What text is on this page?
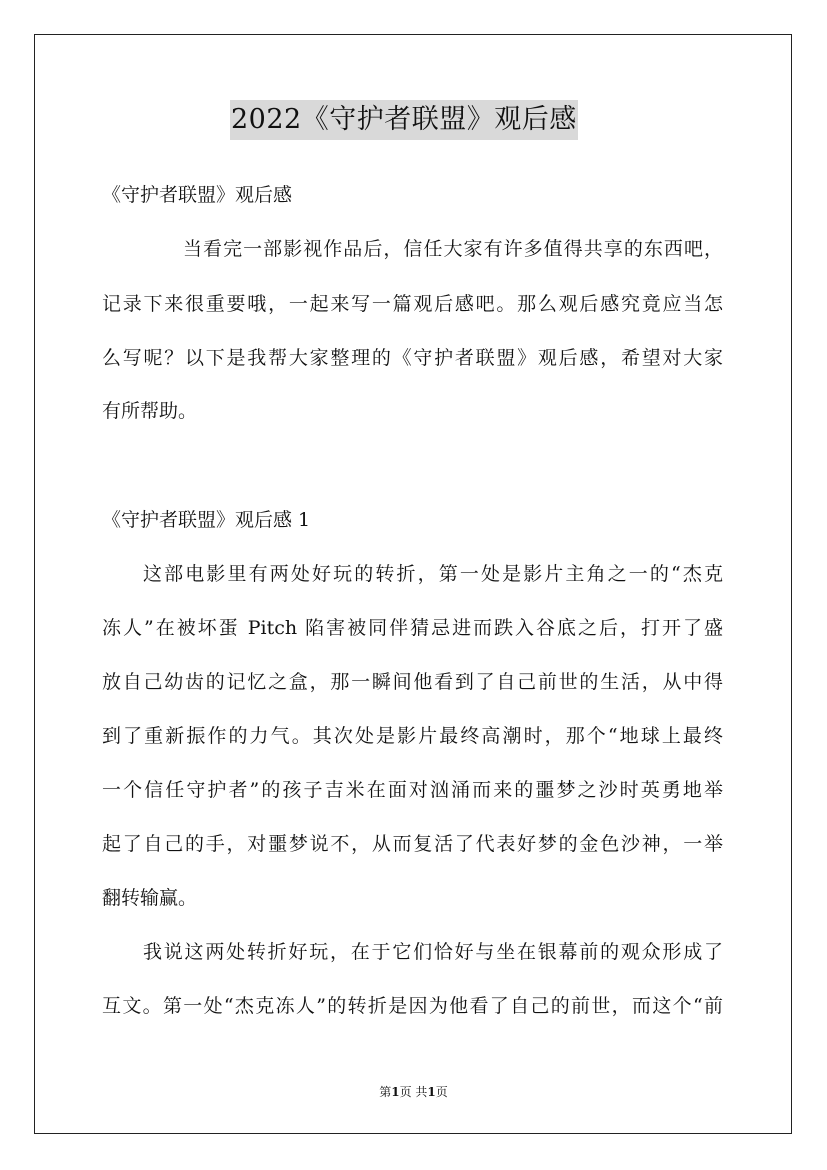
2022《守护者联盟》观后感

《守护者联盟》观后感

当看完一部影视作品后，信任大家有许多值得共享的东西吧，

记录下来很重要哦，一起来写一篇观后感吧。那么观后感究竟应当怎

么写呢？以下是我帮大家整理的《守护者联盟》观后感，希望对大家

有所帮助。

《守护者联盟》观后感 1

这部电影里有两处好玩的转折，第一处是影片主角之一的“杰克

冻人”在被坏蛋 Pitch 陷害被同伴猜忌进而跌入谷底之后，打开了盛

放自己幼齿的记忆之盒，那一瞬间他看到了自己前世的生活，从中得

到了重新振作的力气。其次处是影片最终高潮时，那个“地球上最终

一个信任守护者”的孩子吉米在面对汹涌而来的噩梦之沙时英勇地举

起了自己的手，对噩梦说不，从而复活了代表好梦的金色沙神，一举

翻转输赢。

我说这两处转折好玩，在于它们恰好与坐在银幕前的观众形成了

互文。第一处“杰克冻人”的转折是因为他看了自己的前世，而这个“前

第1页 共1页
